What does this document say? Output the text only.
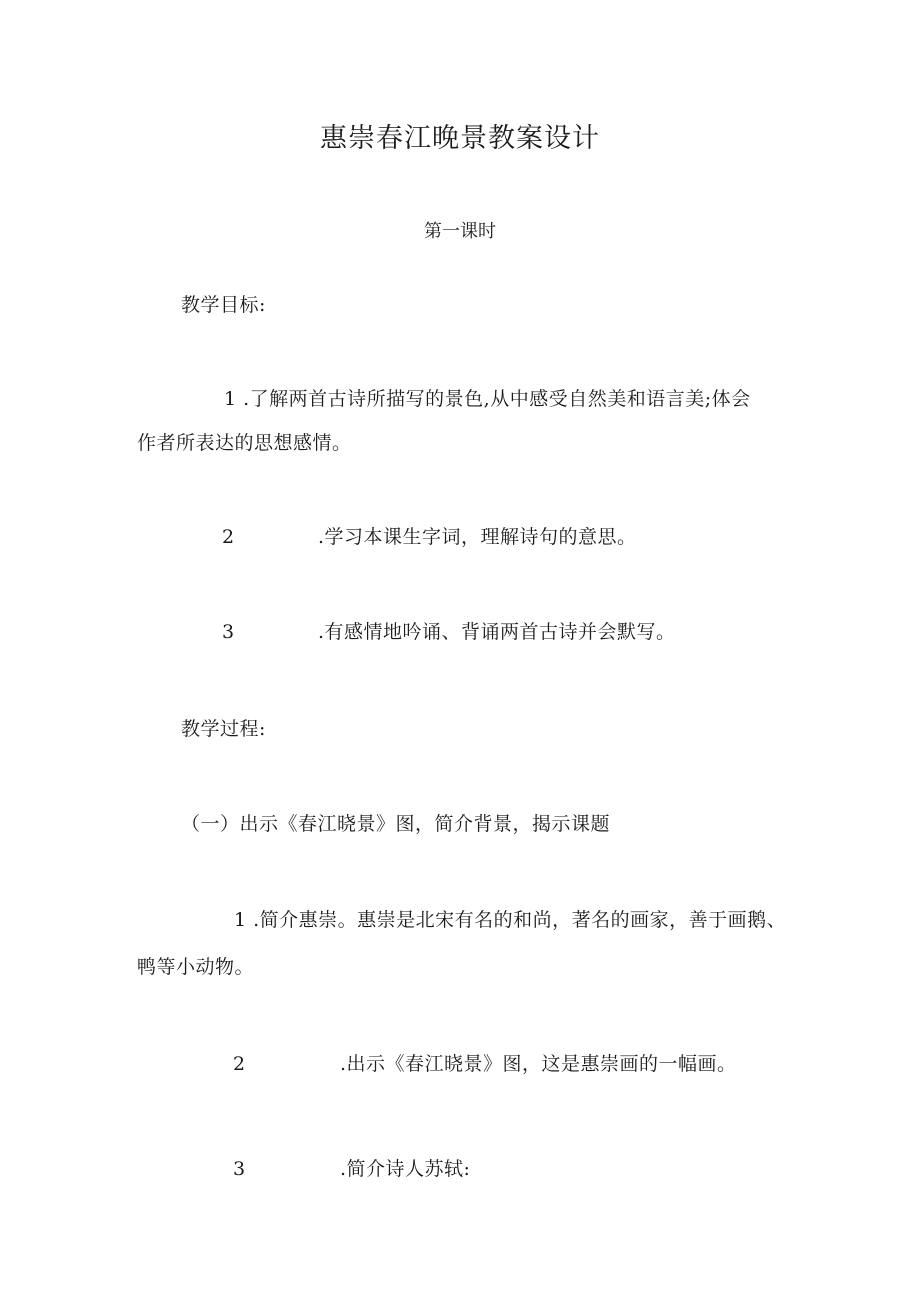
惠崇春江晚景教案设计
第一课时
教学目标:
1 .了解两首古诗所描写的景色,从中感受自然美和语言美;体会
作者所表达的思想感情。
2	.学习本课生字词，理解诗句的意思。
3	.有感情地吟诵、背诵两首古诗并会默写。
教学过程:
（一）出示《春江晓景》图，简介背景，揭示课题
1 .简介惠崇。惠崇是北宋有名的和尚，著名的画家，善于画鹅、
鸭等小动物。
2	.出示《春江晓景》图，这是惠崇画的一幅画。
3	.简介诗人苏轼:
